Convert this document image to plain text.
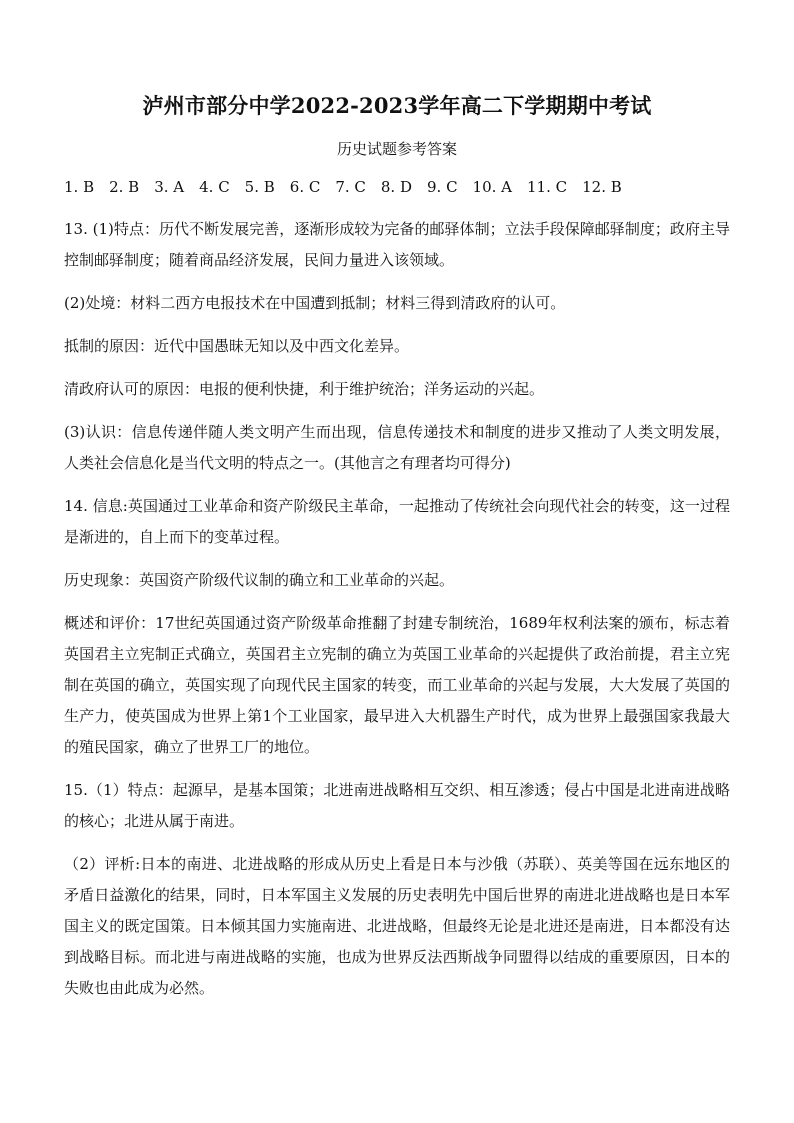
泸州市部分中学2022-2023学年高二下学期期中考试
历史试题参考答案
1. B　2. B　3. A　4. C　5. B　6. C　7. C　8. D　9. C　10. A　11. C　12. B

13. (1)特点：历代不断发展完善，逐渐形成较为完备的邮驿体制；立法手段保障邮驿制度；政府主导控制邮驿制度；随着商品经济发展，民间力量进入该领域。

(2)处境：材料二西方电报技术在中国遭到抵制；材料三得到清政府的认可。

抵制的原因：近代中国愚昧无知以及中西文化差异。

清政府认可的原因：电报的便利快捷，利于维护统治；洋务运动的兴起。

(3)认识：信息传递伴随人类文明产生而出现，信息传递技术和制度的进步又推动了人类文明发展，人类社会信息化是当代文明的特点之一。(其他言之有理者均可得分)

14. 信息:英国通过工业革命和资产阶级民主革命，一起推动了传统社会向现代社会的转变，这一过程是渐进的，自上而下的变革过程。

历史现象：英国资产阶级代议制的确立和工业革命的兴起。

概述和评价：17世纪英国通过资产阶级革命推翻了封建专制统治，1689年权利法案的颁布，标志着英国君主立宪制正式确立，英国君主立宪制的确立为英国工业革命的兴起提供了政治前提，君主立宪制在英国的确立，英国实现了向现代民主国家的转变，而工业革命的兴起与发展，大大发展了英国的生产力，使英国成为世界上第1个工业国家，最早进入大机器生产时代，成为世界上最强国家我最大的殖民国家，确立了世界工厂的地位。

15.（1）特点：起源早，是基本国策；北进南进战略相互交织、相互渗透；侵占中国是北进南进战略的核心；北进从属于南进。

（2）评析:日本的南进、北进战略的形成从历史上看是日本与沙俄（苏联）、英美等国在远东地区的矛盾日益激化的结果，同时，日本军国主义发展的历史表明先中国后世界的南进北进战略也是日本军国主义的既定国策。日本倾其国力实施南进、北进战略，但最终无论是北进还是南进，日本都没有达到战略目标。而北进与南进战略的实施，也成为世界反法西斯战争同盟得以结成的重要原因，日本的失败也由此成为必然。
